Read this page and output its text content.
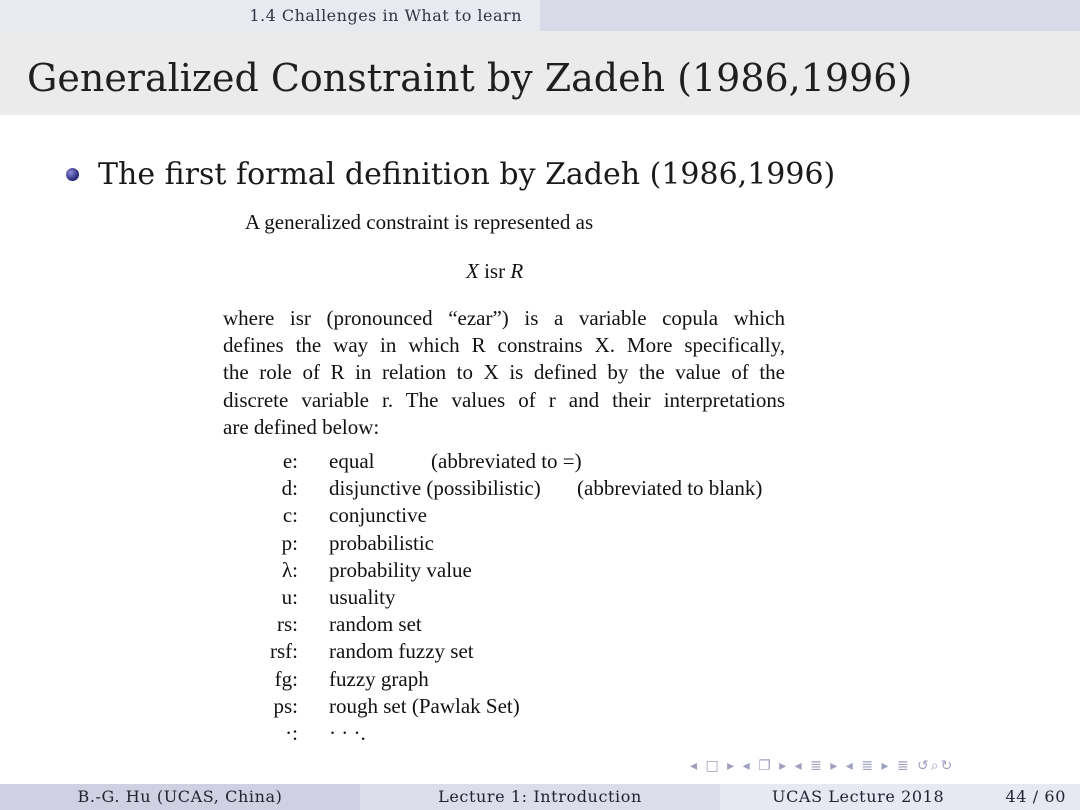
1.4 Challenges in What to learn
Generalized Constraint by Zadeh (1986,1996)
The first formal definition by Zadeh (1986,1996)
A generalized constraint is represented as
X isr R
where isr (pronounced “ezar”) is a variable copula which
defines the way in which R constrains X. More specifically,
the role of R in relation to X is defined by the value of the
discrete variable r. The values of r and their interpretations
are defined below:
e: equal	(abbreviated to =)
d: disjunctive (possibilistic) (abbreviated to blank)
c: conjunctive
p: probabilistic
λ: probability value
u: usuality
rs: random set
rsf: random fuzzy set
fg: fuzzy graph
ps: rough set (Pawlak Set)
·: · · ·.
◂ □ ▸ ◂ ❐ ▸ ◂ ≣ ▸ ◂ ≣ ▸ ≣ ↺⌕↻
B.-G. Hu (UCAS, China)	Lecture 1: Introduction	UCAS Lecture 2018	44 / 60
